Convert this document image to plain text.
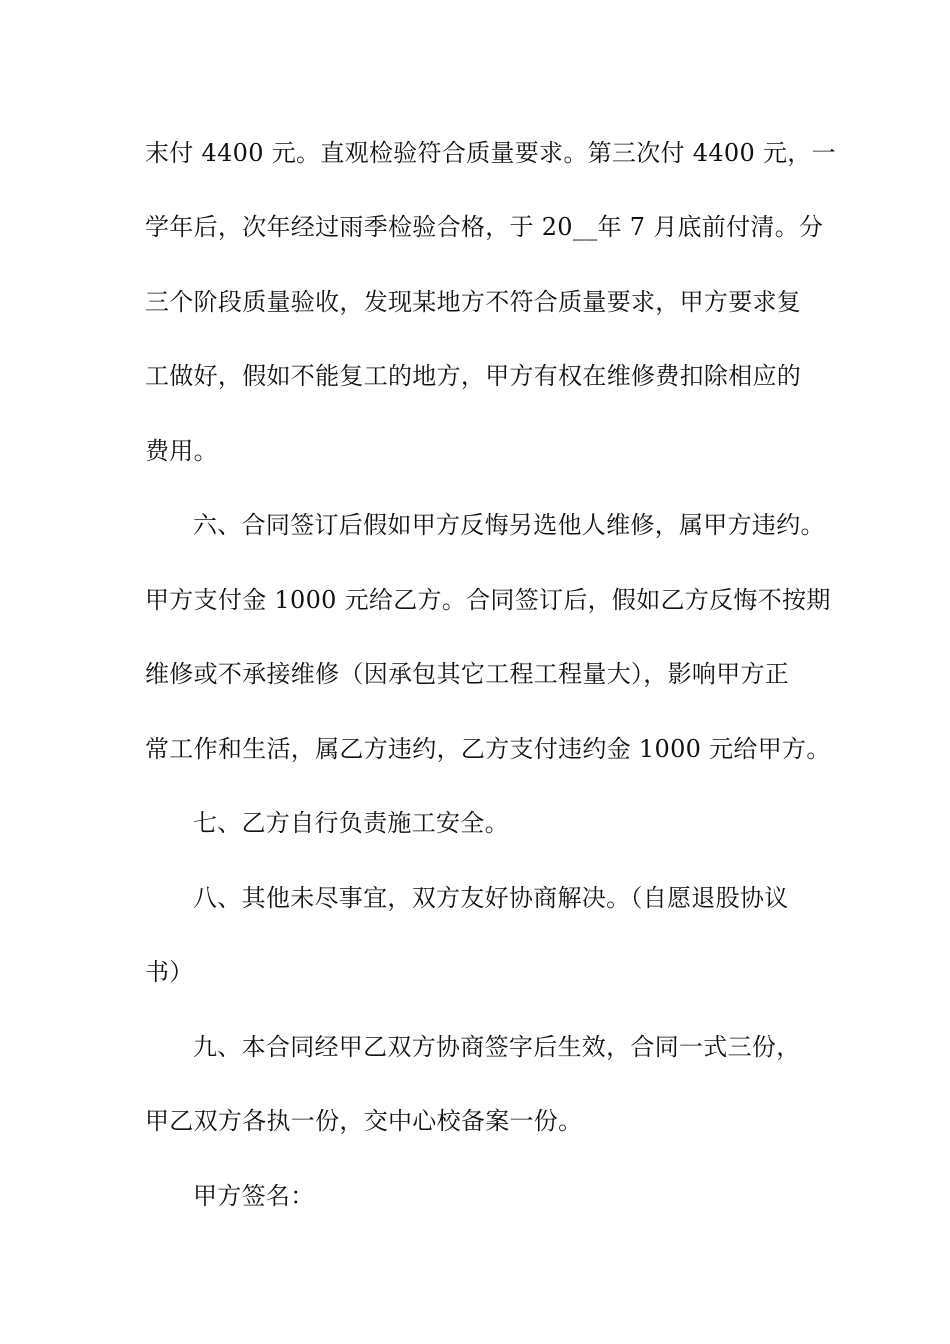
末付 4400 元。直观检验符合质量要求。第三次付 4400 元，一
学年后，次年经过雨季检验合格，于 20__年 7 月底前付清。分
三个阶段质量验收，发现某地方不符合质量要求，甲方要求复
工做好，假如不能复工的地方，甲方有权在维修费扣除相应的
费用。
六、合同签订后假如甲方反悔另选他人维修，属甲方违约。
甲方支付金 1000 元给乙方。合同签订后，假如乙方反悔不按期
维修或不承接维修（因承包其它工程工程量大），影响甲方正
常工作和生活，属乙方违约，乙方支付违约金 1000 元给甲方。
七、乙方自行负责施工安全。
八、其他未尽事宜，双方友好协商解决。（自愿退股协议
书）
九、本合同经甲乙双方协商签字后生效，合同一式三份，
甲乙双方各执一份，交中心校备案一份。
甲方签名：
